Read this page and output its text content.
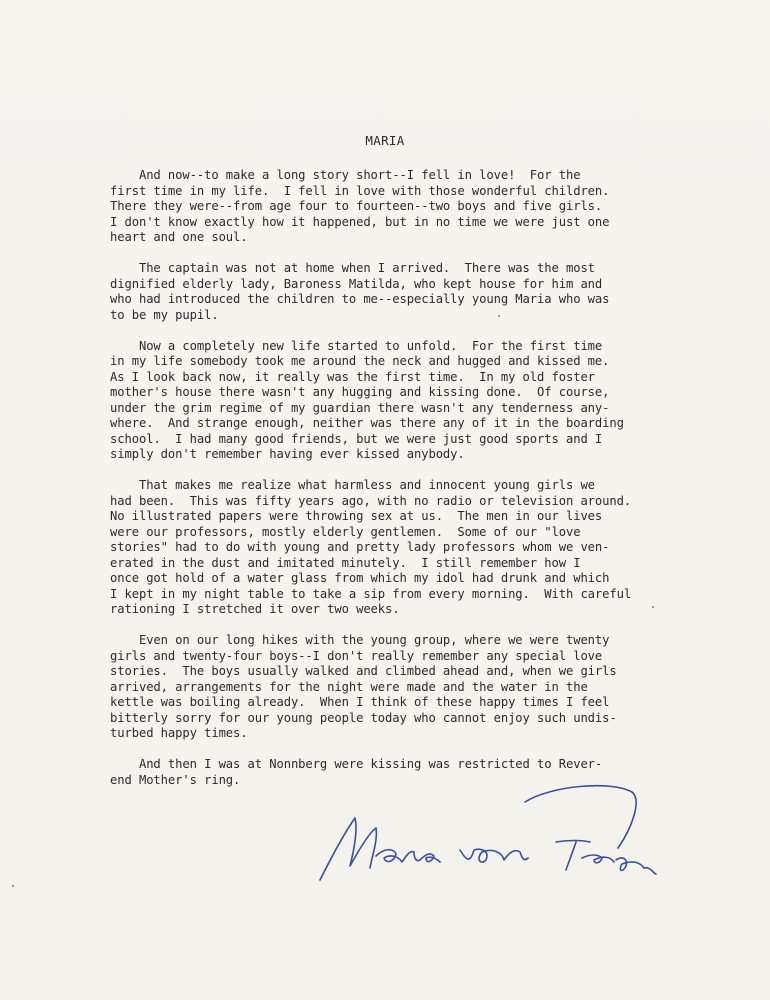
MARIA

And now--to make a long story short--I fell in love!  For the
first time in my life.  I fell in love with those wonderful children.
There they were--from age four to fourteen--two boys and five girls.
I don't know exactly how it happened, but in no time we were just one
heart and one soul.

The captain was not at home when I arrived.  There was the most
dignified elderly lady, Baroness Matilda, who kept house for him and
who had introduced the children to me--especially young Maria who was
to be my pupil.

Now a completely new life started to unfold.  For the first time
in my life somebody took me around the neck and hugged and kissed me.
As I look back now, it really was the first time.  In my old foster
mother's house there wasn't any hugging and kissing done.  Of course,
under the grim regime of my guardian there wasn't any tenderness any-
where.  And strange enough, neither was there any of it in the boarding
school.  I had many good friends, but we were just good sports and I
simply don't remember having ever kissed anybody.

That makes me realize what harmless and innocent young girls we
had been.  This was fifty years ago, with no radio or television around.
No illustrated papers were throwing sex at us.  The men in our lives
were our professors, mostly elderly gentlemen.  Some of our "love
stories" had to do with young and pretty lady professors whom we ven-
erated in the dust and imitated minutely.  I still remember how I
once got hold of a water glass from which my idol had drunk and which
I kept in my night table to take a sip from every morning.  With careful
rationing I stretched it over two weeks.

Even on our long hikes with the young group, where we were twenty
girls and twenty-four boys--I don't really remember any special love
stories.  The boys usually walked and climbed ahead and, when we girls
arrived, arrangements for the night were made and the water in the
kettle was boiling already.  When I think of these happy times I feel
bitterly sorry for our young people today who cannot enjoy such undis-
turbed happy times.

And then I was at Nonnberg were kissing was restricted to Rever-
end Mother's ring.
